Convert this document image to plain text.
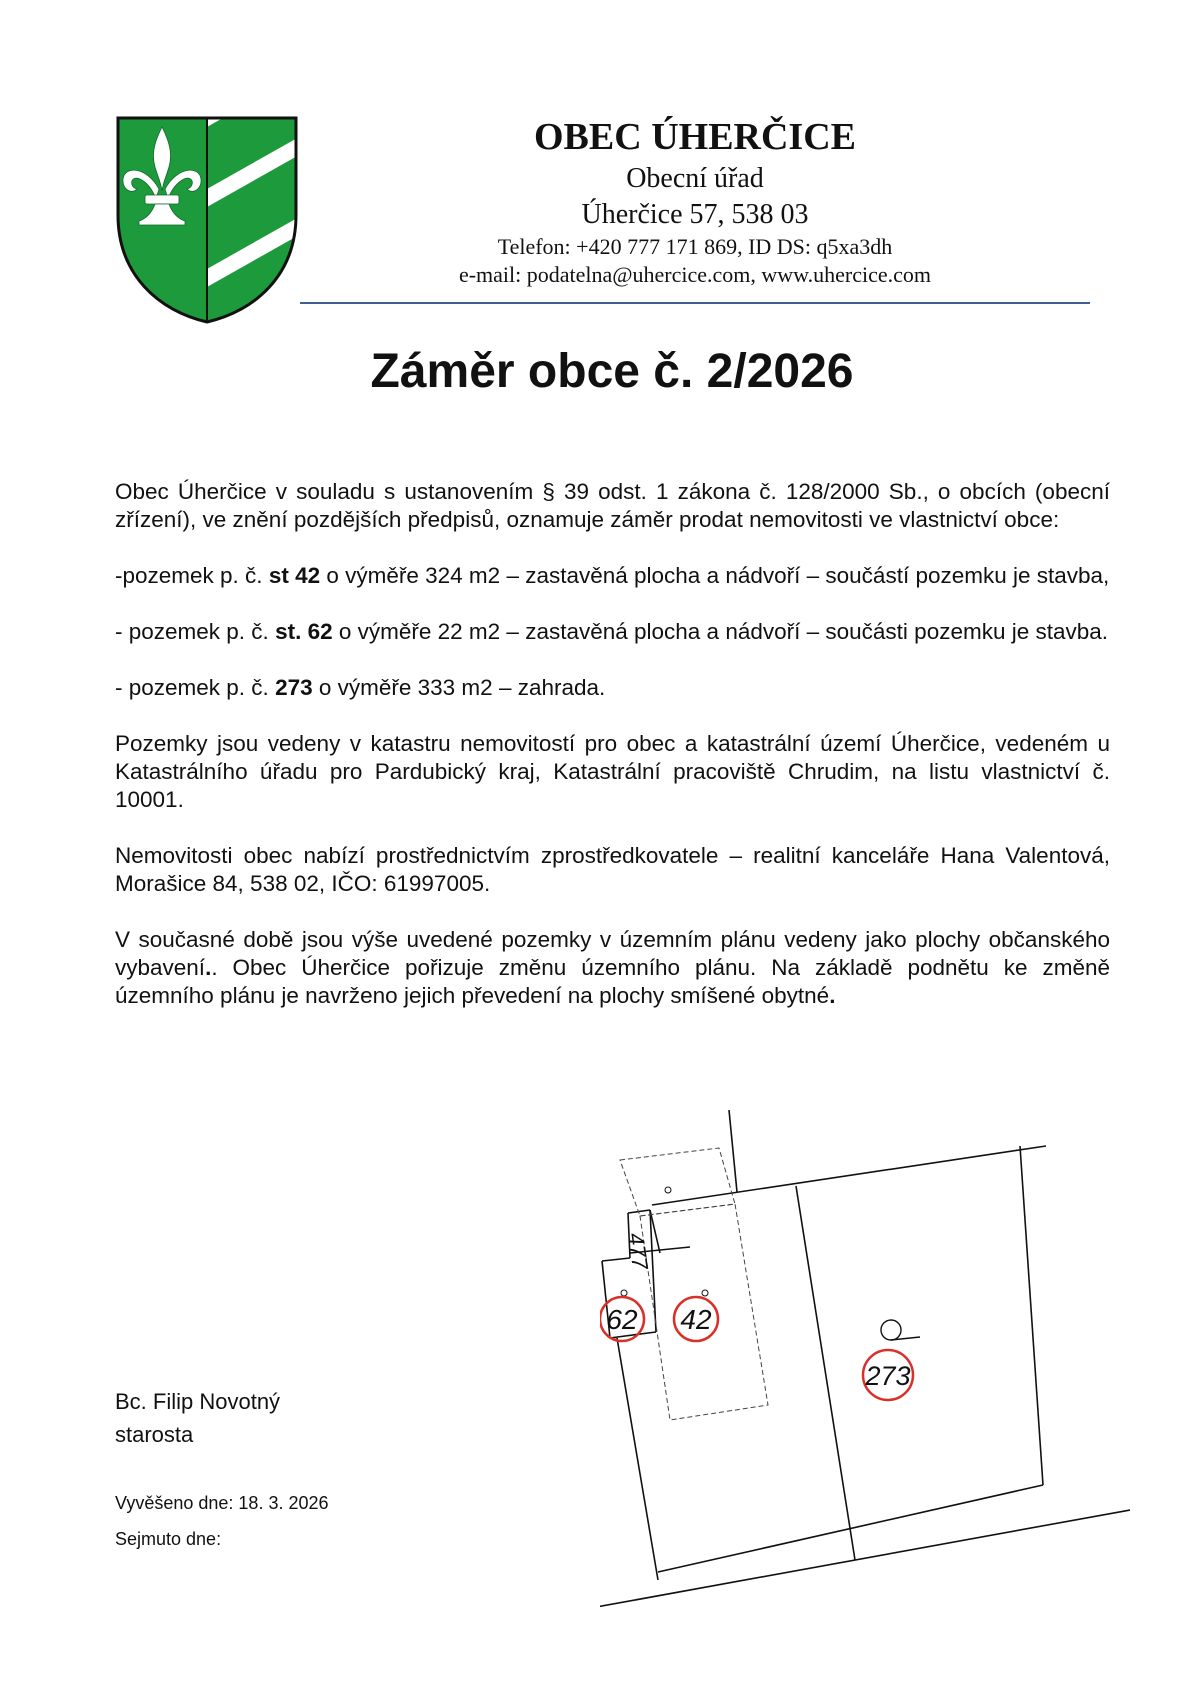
OBEC ÚHERČICE

Obecní úřad

Úherčice 57, 538 03

Telefon: +420 777 171 869, ID DS: q5xa3dh

e-mail: podatelna@uhercice.com, www.uhercice.com

Záměr obce č. 2/2026

Obec Úherčice v souladu s ustanovením § 39 odst. 1 zákona č. 128/2000 Sb., o obcích (obecní zřízení), ve znění pozdějších předpisů, oznamuje záměr prodat nemovitosti ve vlastnictví obce:

-pozemek p. č. st 42 o výměře 324 m2 – zastavěná plocha a nádvoří – součástí pozemku je stavba,

- pozemek p. č. st. 62 o výměře 22 m2 – zastavěná plocha a nádvoří – součásti pozemku je stavba.

- pozemek p. č. 273 o výměře 333 m2 – zahrada.

Pozemky jsou vedeny v katastru nemovitostí pro obec a katastrální území Úherčice, vedeném u Katastrálního úřadu pro Pardubický kraj, Katastrální pracoviště Chrudim, na listu vlastnictví č. 10001.

Nemovitosti obec nabízí prostřednictvím zprostředkovatele – realitní kanceláře Hana Valentová, Morašice 84, 538 02, IČO: 61997005.

V současné době jsou výše uvedené pozemky v územním plánu vedeny jako plochy občanského vybavení.. Obec Úherčice pořizuje změnu územního plánu. Na základě podnětu ke změně územního plánu je navrženo jejich převedení na plochy smíšené obytné.

Bc. Filip Novotný
starosta
Vyvěšeno dne: 18. 3. 2026
Sejmuto dne:
477
62 42
273
